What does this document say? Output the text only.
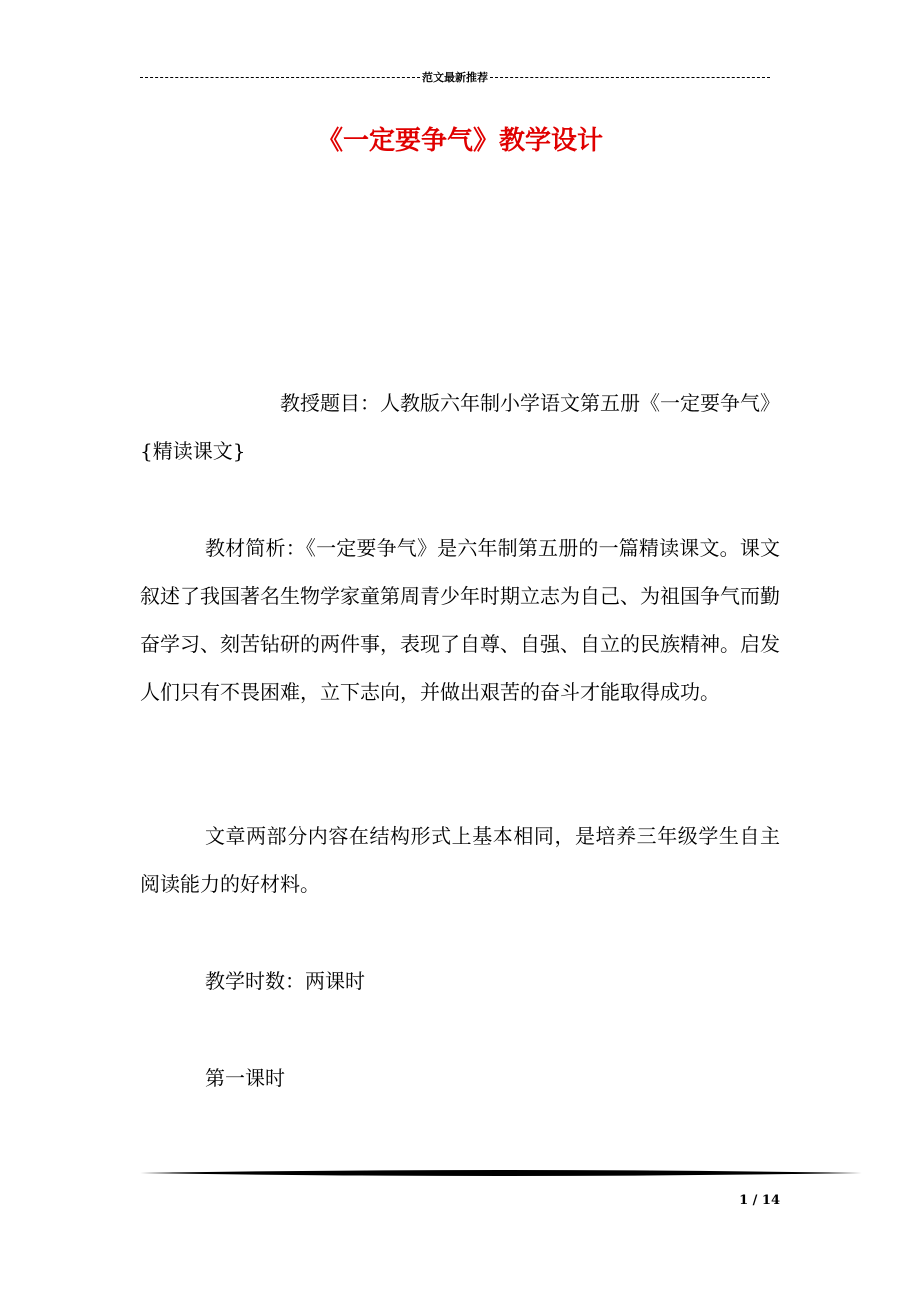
范文最新推荐
《一定要争气》教学设计

教授题目：人教版六年制小学语文第五册《一定要争气》{精读课文}

教材简析：《一定要争气》是六年制第五册的一篇精读课文。课文叙述了我国著名生物学家童第周青少年时期立志为自己、为祖国争气而勤奋学习、刻苦钻研的两件事，表现了自尊、自强、自立的民族精神。启发人们只有不畏困难，立下志向，并做出艰苦的奋斗才能取得成功。

文章两部分内容在结构形式上基本相同，是培养三年级学生自主阅读能力的好材料。

教学时数：两课时

第一课时

1 / 14
